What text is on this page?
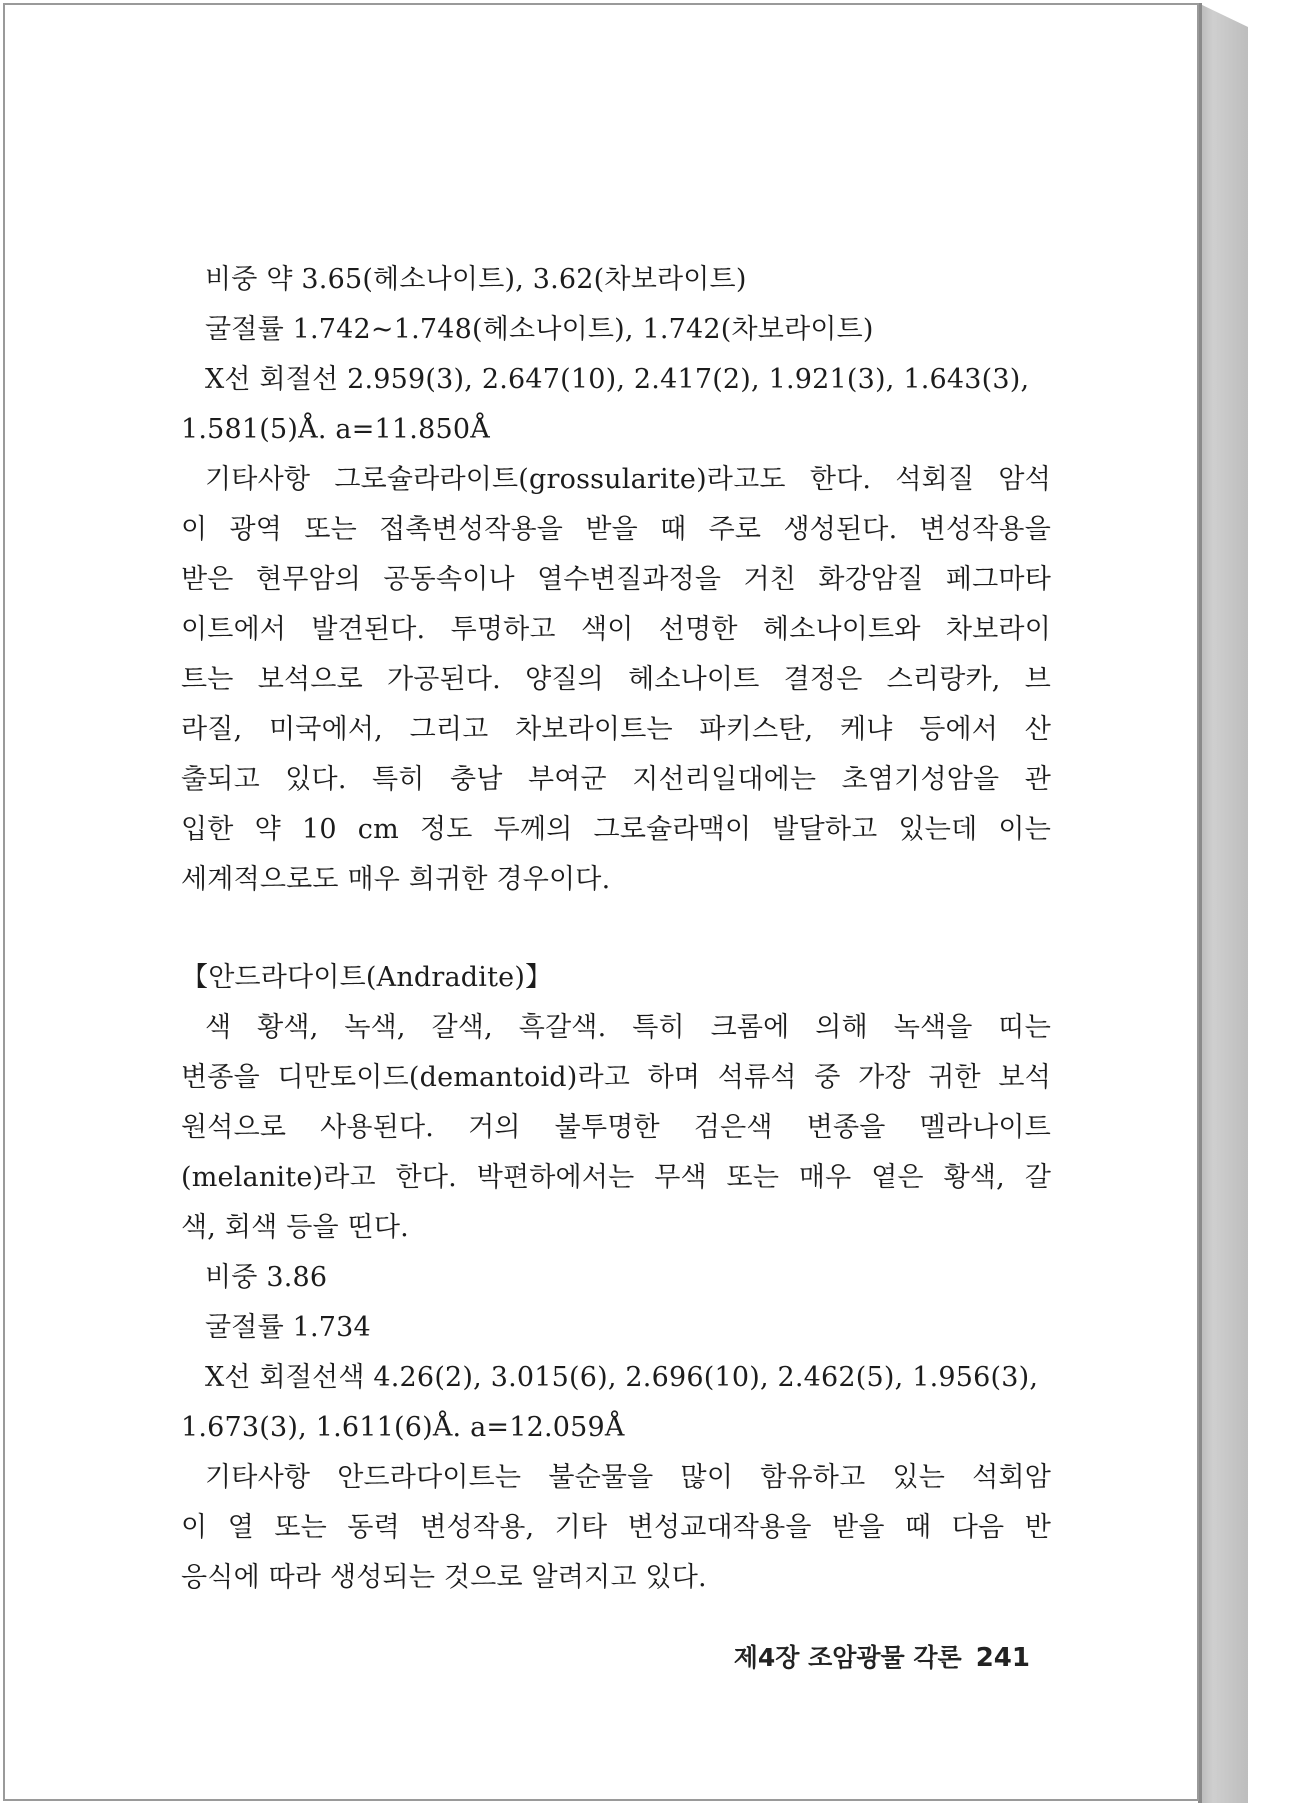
비중 약 3.65(헤소나이트), 3.62(차보라이트)
굴절률 1.742~1.748(헤소나이트), 1.742(차보라이트)
X선 회절선 2.959(3), 2.647(10), 2.417(2), 1.921(3), 1.643(3),
1.581(5)Å. a=11.850Å
기타사항 그로슐라라이트(grossularite)라고도 한다. 석회질 암석
이 광역 또는 접촉변성작용을 받을 때 주로 생성된다. 변성작용을
받은 현무암의 공동속이나 열수변질과정을 거친 화강암질 페그마타
이트에서 발견된다. 투명하고 색이 선명한 헤소나이트와 차보라이
트는 보석으로 가공된다. 양질의 헤소나이트 결정은 스리랑카, 브
라질, 미국에서, 그리고 차보라이트는 파키스탄, 케냐 등에서 산
출되고 있다. 특히 충남 부여군 지선리일대에는 초염기성암을 관
입한 약 10 cm 정도 두께의 그로슐라맥이 발달하고 있는데 이는
세계적으로도 매우 희귀한 경우이다.
【안드라다이트(Andradite)】
색 황색, 녹색, 갈색, 흑갈색. 특히 크롬에 의해 녹색을 띠는
변종을 디만토이드(demantoid)라고 하며 석류석 중 가장 귀한 보석
원석으로 사용된다. 거의 불투명한 검은색 변종을 멜라나이트
(melanite)라고 한다. 박편하에서는 무색 또는 매우 옅은 황색, 갈
색, 회색 등을 띤다.
비중 3.86
굴절률 1.734
X선 회절선색 4.26(2), 3.015(6), 2.696(10), 2.462(5), 1.956(3),
1.673(3), 1.611(6)Å. a=12.059Å
기타사항 안드라다이트는 불순물을 많이 함유하고 있는 석회암
이 열 또는 동력 변성작용, 기타 변성교대작용을 받을 때 다음 반
응식에 따라 생성되는 것으로 알려지고 있다.
제4장 조암광물 각론 241
